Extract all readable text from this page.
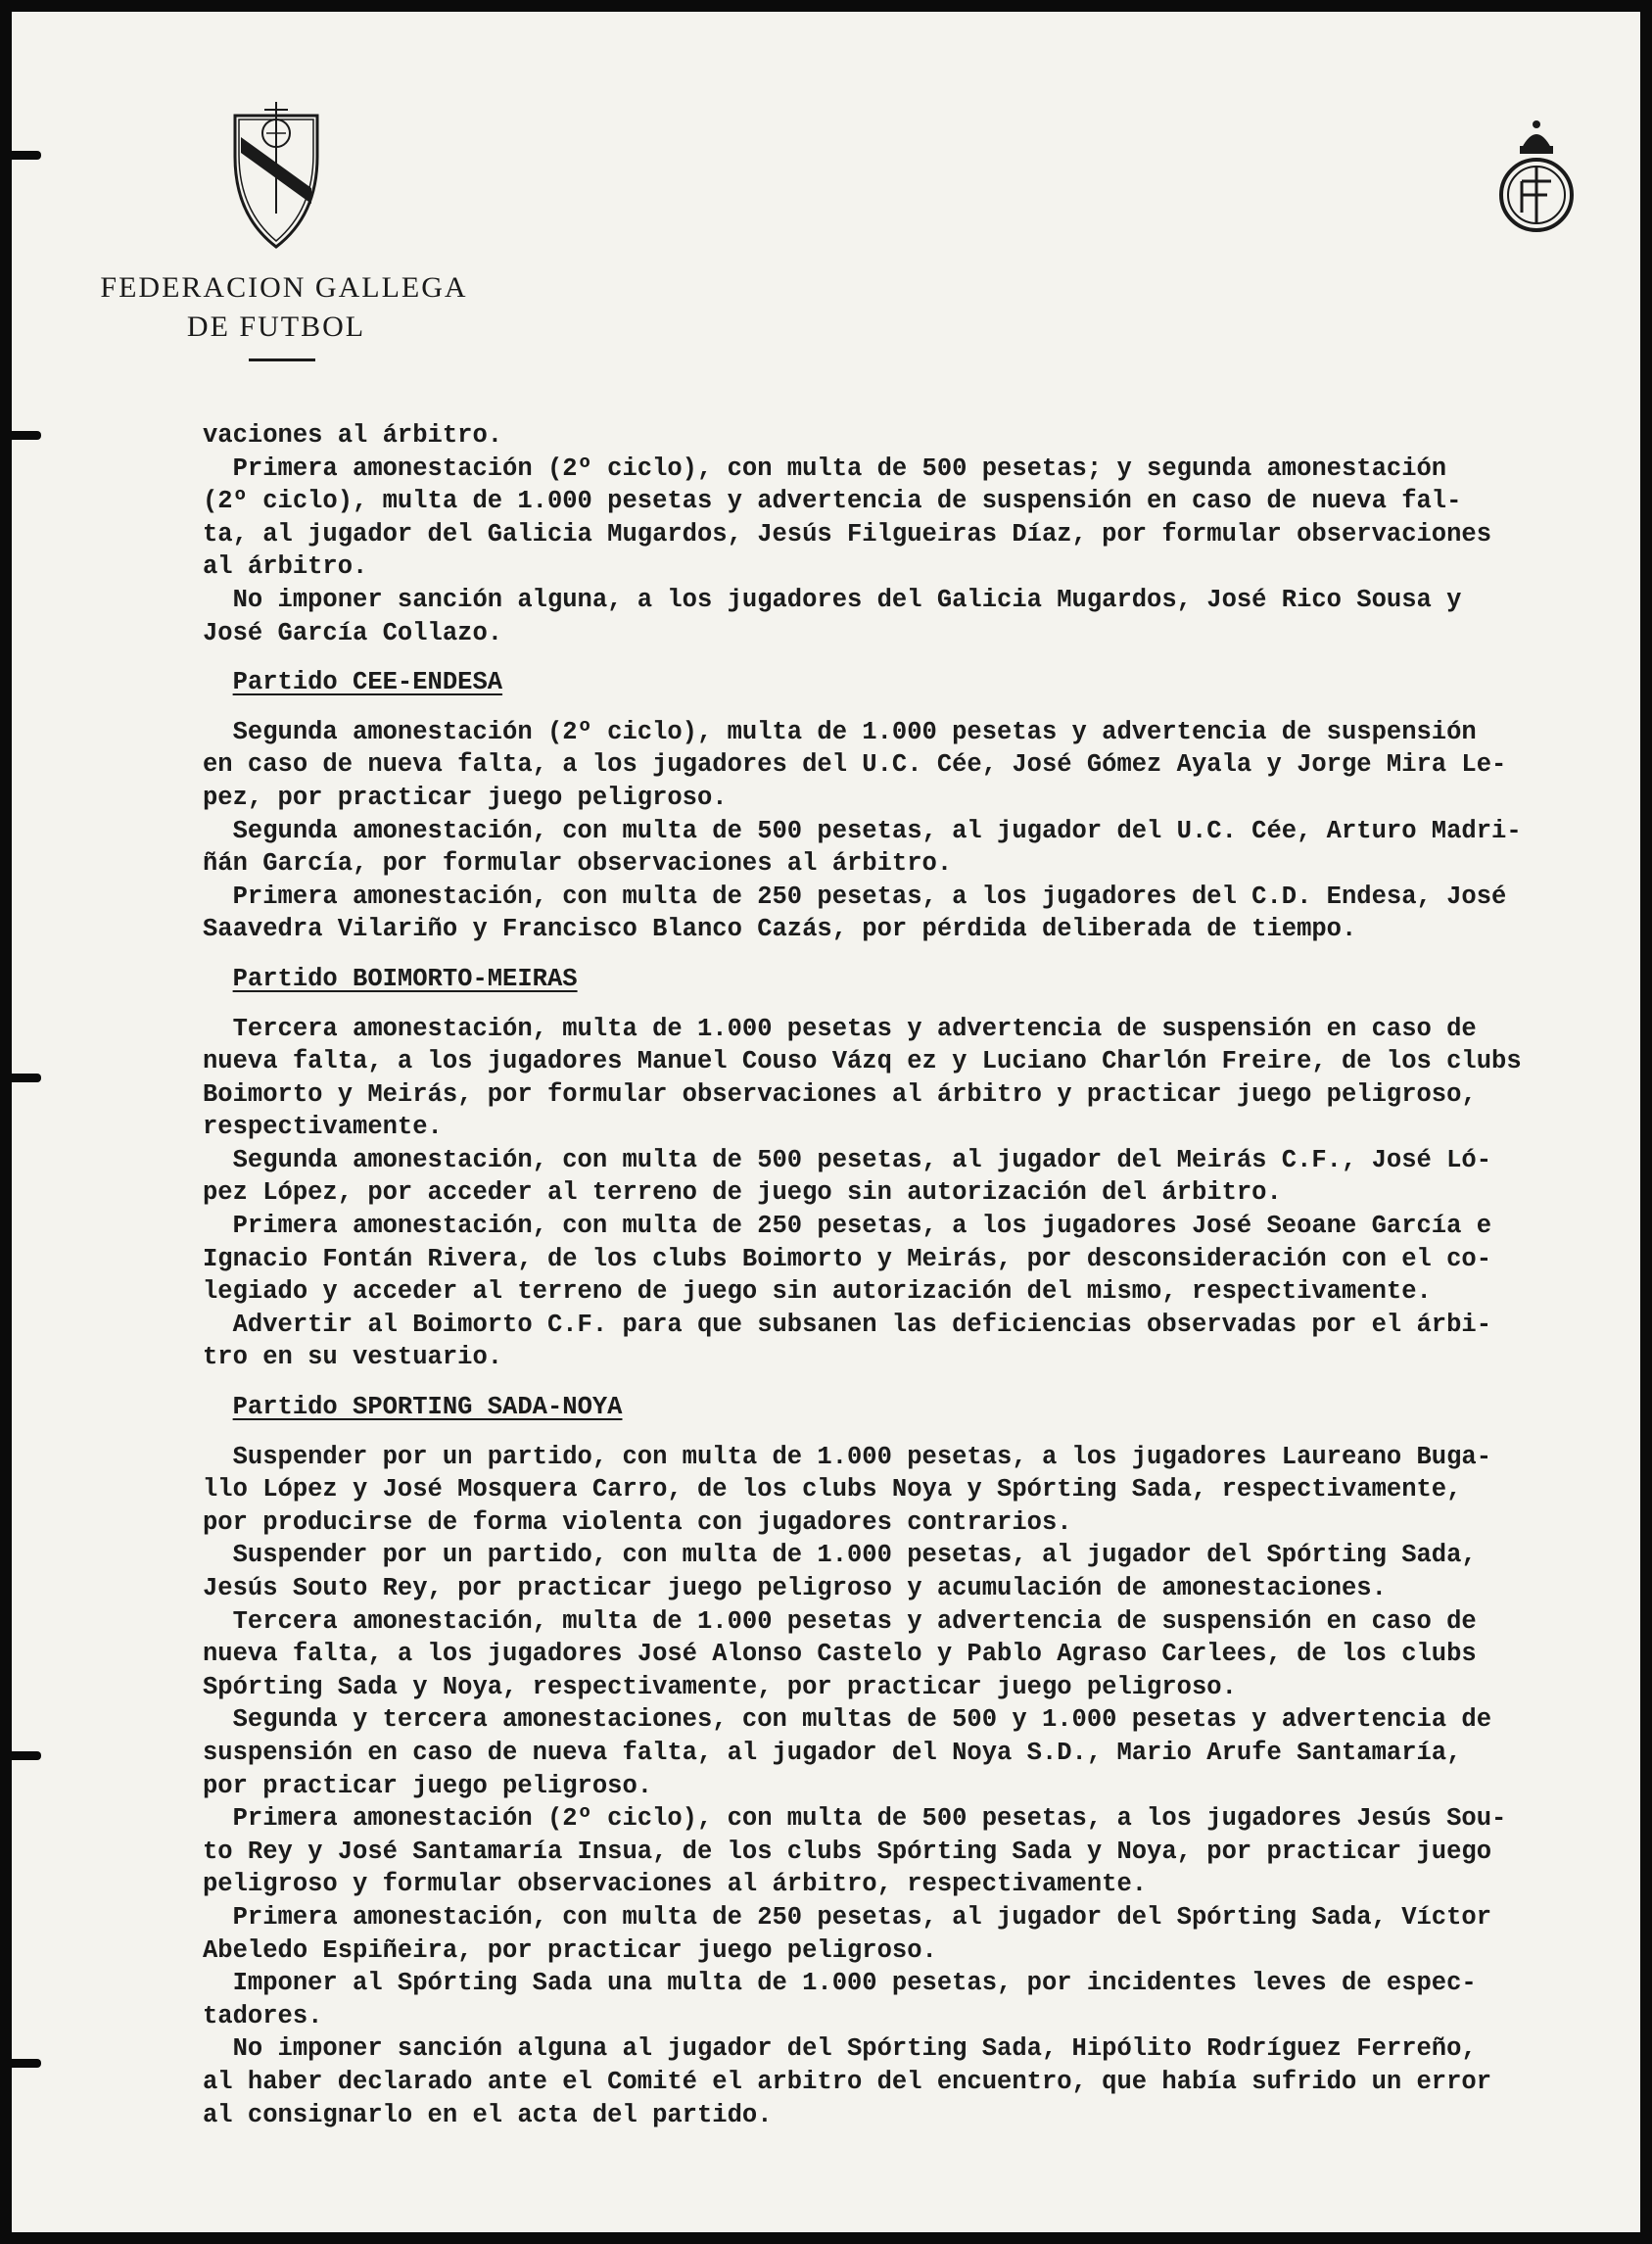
FEDERACION GALLEGA
DE FUTBOL
vaciones al árbitro.
Primera amonestación (2º ciclo), con multa de 500 pesetas; y segunda amonestación
(2º ciclo), multa de 1.000 pesetas y advertencia de suspensión en caso de nueva fal-
ta, al jugador del Galicia Mugardos, Jesús Filgueiras Díaz, por formular observaciones
al árbitro.
No imponer sanción alguna, a los jugadores del Galicia Mugardos, José Rico Sousa y
José García Collazo.
Partido CEE-ENDESA
Segunda amonestación (2º ciclo), multa de 1.000 pesetas y advertencia de suspensión
en caso de nueva falta, a los jugadores del U.C. Cée, José Gómez Ayala y Jorge Mira Le-
pez, por practicar juego peligroso.
Segunda amonestación, con multa de 500 pesetas, al jugador del U.C. Cée, Arturo Madri-
ñán García, por formular observaciones al árbitro.
Primera amonestación, con multa de 250 pesetas, a los jugadores del C.D. Endesa, José
Saavedra Vilariño y Francisco Blanco Cazás, por pérdida deliberada de tiempo.
Partido BOIMORTO-MEIRAS
Tercera amonestación, multa de 1.000 pesetas y advertencia de suspensión en caso de
nueva falta, a los jugadores Manuel Couso Vázq ez y Luciano Charlón Freire, de los clubs
Boimorto y Meirás, por formular observaciones al árbitro y practicar juego peligroso,
respectivamente.
Segunda amonestación, con multa de 500 pesetas, al jugador del Meirás C.F., José Ló-
pez López, por acceder al terreno de juego sin autorización del árbitro.
Primera amonestación, con multa de 250 pesetas, a los jugadores José Seoane García e
Ignacio Fontán Rivera, de los clubs Boimorto y Meirás, por desconsideración con el co-
legiado y acceder al terreno de juego sin autorización del mismo, respectivamente.
Advertir al Boimorto C.F. para que subsanen las deficiencias observadas por el árbi-
tro en su vestuario.
Partido SPORTING SADA-NOYA
Suspender por un partido, con multa de 1.000 pesetas, a los jugadores Laureano Buga-
llo López y José Mosquera Carro, de los clubs Noya y Spórting Sada, respectivamente,
por producirse de forma violenta con jugadores contrarios.
Suspender por un partido, con multa de 1.000 pesetas, al jugador del Spórting Sada,
Jesús Souto Rey, por practicar juego peligroso y acumulación de amonestaciones.
Tercera amonestación, multa de 1.000 pesetas y advertencia de suspensión en caso de
nueva falta, a los jugadores José Alonso Castelo y Pablo Agraso Carlees, de los clubs
Spórting Sada y Noya, respectivamente, por practicar juego peligroso.
Segunda y tercera amonestaciones, con multas de 500 y 1.000 pesetas y advertencia de
suspensión en caso de nueva falta, al jugador del Noya S.D., Mario Arufe Santamaría,
por practicar juego peligroso.
Primera amonestación (2º ciclo), con multa de 500 pesetas, a los jugadores Jesús Sou-
to Rey y José Santamaría Insua, de los clubs Spórting Sada y Noya, por practicar juego
peligroso y formular observaciones al árbitro, respectivamente.
Primera amonestación, con multa de 250 pesetas, al jugador del Spórting Sada, Víctor
Abeledo Espiñeira, por practicar juego peligroso.
Imponer al Spórting Sada una multa de 1.000 pesetas, por incidentes leves de espec-
tadores.
No imponer sanción alguna al jugador del Spórting Sada, Hipólito Rodríguez Ferreño,
al haber declarado ante el Comité el arbitro del encuentro, que había sufrido un error
al consignarlo en el acta del partido.
